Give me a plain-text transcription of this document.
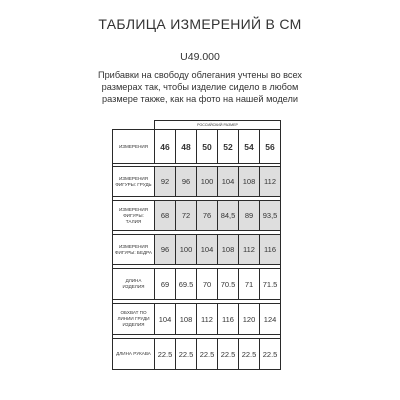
ТАБЛИЦА ИЗМЕРЕНИЙ В СМ
U49.000
Прибавки на свободу облегания учтены во всех
размерах так, чтобы изделие сидело в любом
размере также, как на фото на нашей модели
	РОССИЙСКИЙ РАЗМЕР					
ИЗМЕРЕНИЯ	46	48	50	52	54	56

ИЗМЕРЕНИЯ ФИГУРЫ: ГРУДЬ	92	96	100	104	108	112

ИЗМЕРЕНИЯ ФИГУРЫ: ТАЛИЯ	68	72	76	84,5	89	93,5

ИЗМЕРЕНИЯ ФИГУРЫ: БЕДРА	96	100	104	108	112	116

ДЛИНА ИЗДЕЛИЯ	69	69.5	70	70.5	71	71.5

ОБХВАТ ПО ЛИНИИ ГРУДИ ИЗДЕЛИЯ	104	108	112	116	120	124

ДЛИНА РУКАВА	22.5	22.5	22.5	22.5	22.5	22.5
